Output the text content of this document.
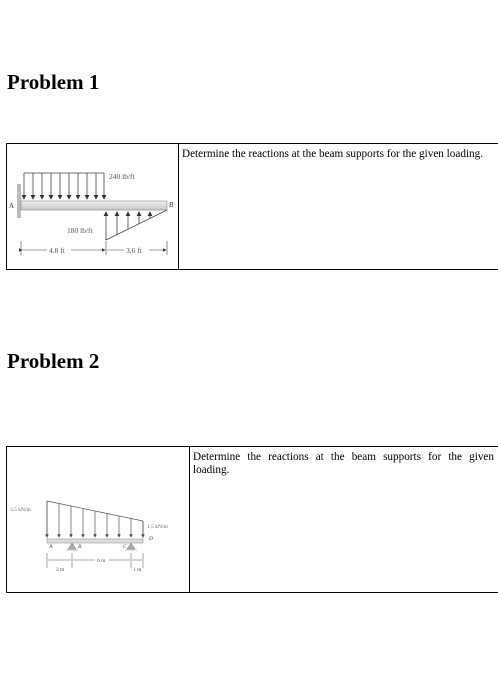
Problem 1
240 lb/ft
180 lb/ft
A	B
4.8 ft	3.6 ft
Determine the reactions at the beam supports for the given loading.
Problem 2
3.5 kN/m
1.5 kN/m
A	B	C
D
2 m
6 m
1 m
Determine the reactions at the beam supports for the given loading.
